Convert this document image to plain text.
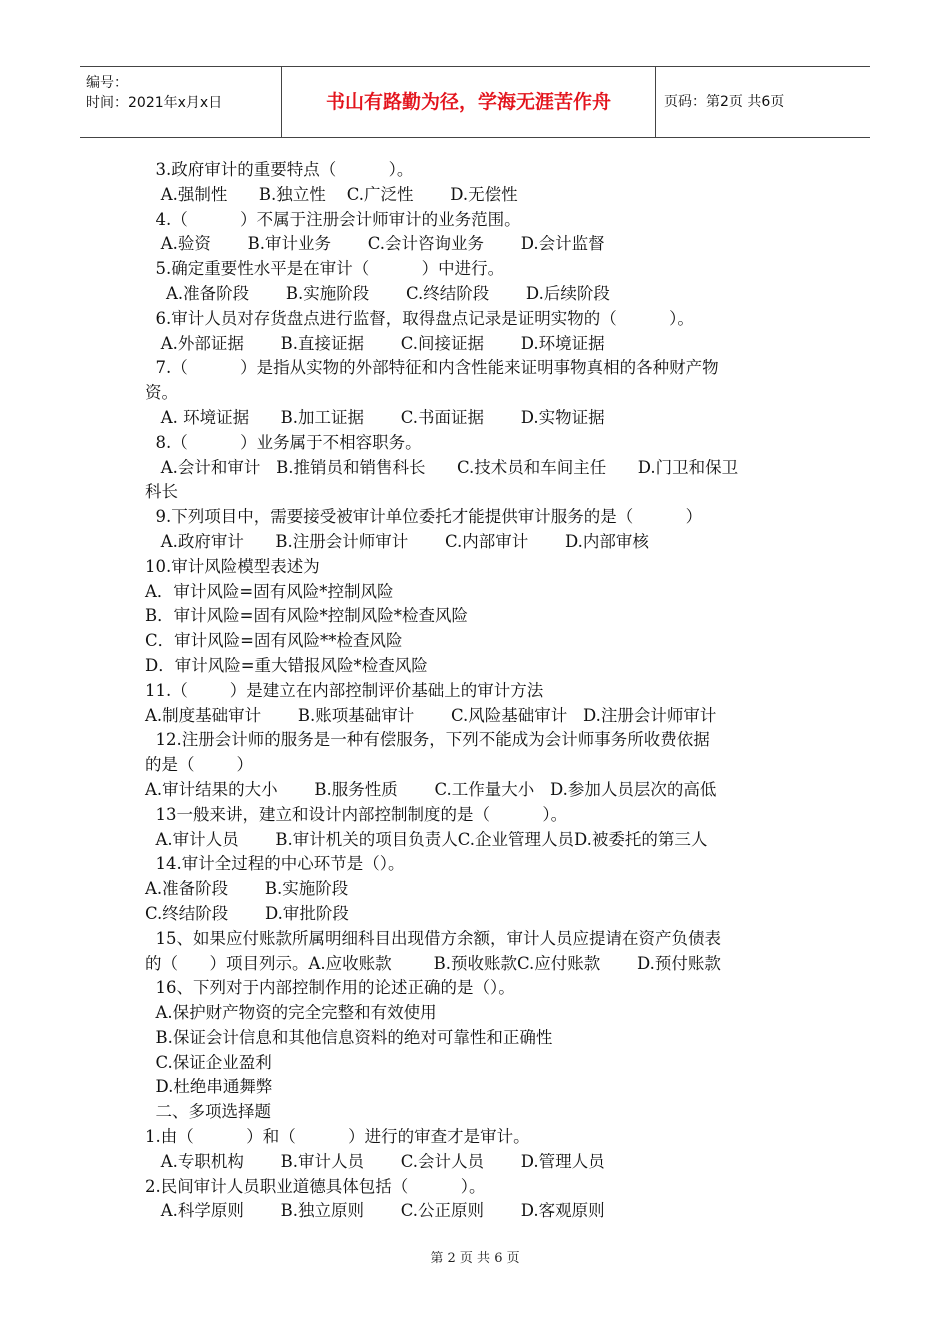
编号：
时间：2021年x月x日	书山有路勤为径，学海无涯苦作舟	页码：第2页 共6页
3.政府审计的重要特点（          ）。
A.强制性      B.独立性    C.广泛性       D.无偿性
4.（          ）不属于注册会计师审计的业务范围。
A.验资       B.审计业务       C.会计咨询业务       D.会计监督
5.确定重要性水平是在审计（          ）中进行。
A.准备阶段       B.实施阶段       C.终结阶段       D.后续阶段
6.审计人员对存货盘点进行监督，取得盘点记录是证明实物的（          ）。
A.外部证据       B.直接证据       C.间接证据       D.环境证据
7.（          ）是指从实物的外部特征和内含性能来证明事物真相的各种财产物
资。
A. 环境证据      B.加工证据       C.书面证据       D.实物证据
8.（          ）业务属于不相容职务。
A.会计和审计   B.推销员和销售科长      C.技术员和车间主任      D.门卫和保卫
科长
9.下列项目中，需要接受被审计单位委托才能提供审计服务的是（          ）
A.政府审计      B.注册会计师审计       C.内部审计       D.内部审核
10.审计风险模型表述为
A．审计风险=固有风险*控制风险
B．审计风险=固有风险*控制风险*检查风险
C．审计风险=固有风险**检查风险
D．审计风险=重大错报风险*检查风险
11.（        ）是建立在内部控制评价基础上的审计方法
A.制度基础审计       B.账项基础审计       C.风险基础审计   D.注册会计师审计
12.注册会计师的服务是一种有偿服务，下列不能成为会计师事务所收费依据
的是（        ）
A.审计结果的大小       B.服务性质       C.工作量大小   D.参加人员层次的高低
13一般来讲，建立和设计内部控制制度的是（          ）。
A.审计人员       B.审计机关的项目负责人C.企业管理人员D.被委托的第三人
14.审计全过程的中心环节是（）。
A.准备阶段       B.实施阶段
C.终结阶段       D.审批阶段
15、如果应付账款所属明细科目出现借方余额，审计人员应提请在资产负债表
的（      ）项目列示。A.应收账款        B.预收账款C.应付账款       D.预付账款
16、下列对于内部控制作用的论述正确的是（）。
A.保护财产物资的完全完整和有效使用
B.保证会计信息和其他信息资料的绝对可靠性和正确性
C.保证企业盈利
D.杜绝串通舞弊
二、多项选择题
1.由（          ）和（          ）进行的审查才是审计。
A.专职机构       B.审计人员       C.会计人员       D.管理人员
2.民间审计人员职业道德具体包括（          ）。
A.科学原则       B.独立原则       C.公正原则       D.客观原则
第 2 页 共 6 页
